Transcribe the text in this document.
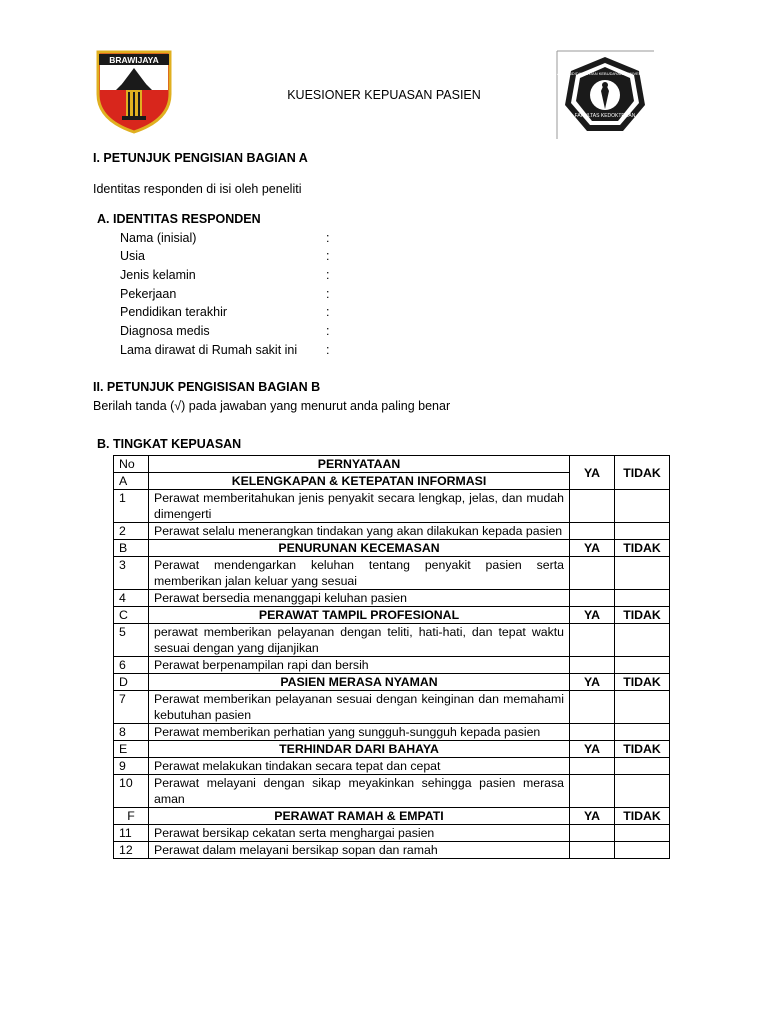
BRAWIJAYA
KUESIONER KEPUASAN PASIEN
KEMENTERIAN PENDIDIKAN DAN KEBUDAYAAN UNIVERSITAS BRAWIJAYA
FAKULTAS KEDOKTERAN
I. PETUNJUK PENGISIAN BAGIAN A
Identitas responden di isi oleh peneliti
A. IDENTITAS RESPONDEN
Nama (inisial)	:
Usia	:
Jenis kelamin	:
Pekerjaan	:
Pendidikan terakhir	:
Diagnosa medis	:
Lama dirawat di Rumah sakit ini :
II. PETUNJUK PENGISISAN BAGIAN B
Berilah tanda (√) pada jawaban yang menurut anda paling benar
B. TINGKAT KEPUASAN
No	PERNYATAAN	YA	TIDAK
A	KELENGKAPAN & KETEPATAN INFORMASI		
1	Perawat memberitahukan jenis penyakit secara lengkap, jelas, dan mudah dimengerti		
2	Perawat selalu menerangkan tindakan yang akan dilakukan kepada pasien		
B	PENURUNAN KECEMASAN	YA	TIDAK
3	Perawat mendengarkan keluhan tentang penyakit pasien serta memberikan jalan keluar yang sesuai		
4	Perawat bersedia menanggapi keluhan pasien		
C	PERAWAT TAMPIL PROFESIONAL	YA	TIDAK
5	perawat memberikan pelayanan dengan teliti, hati-hati, dan tepat waktu sesuai dengan yang dijanjikan		
6	Perawat berpenampilan rapi dan bersih		
D	PASIEN MERASA NYAMAN	YA	TIDAK
7	Perawat memberikan pelayanan sesuai dengan keinginan dan memahami kebutuhan pasien		
8	Perawat memberikan perhatian yang sungguh-sungguh kepada pasien		
E	TERHINDAR DARI BAHAYA	YA	TIDAK
9	Perawat melakukan tindakan secara tepat dan cepat		
10	Perawat melayani dengan sikap meyakinkan sehingga pasien merasa aman		
F	PERAWAT RAMAH & EMPATI	YA	TIDAK
11	Perawat bersikap cekatan serta menghargai pasien		
12	Perawat dalam melayani bersikap sopan dan ramah		
